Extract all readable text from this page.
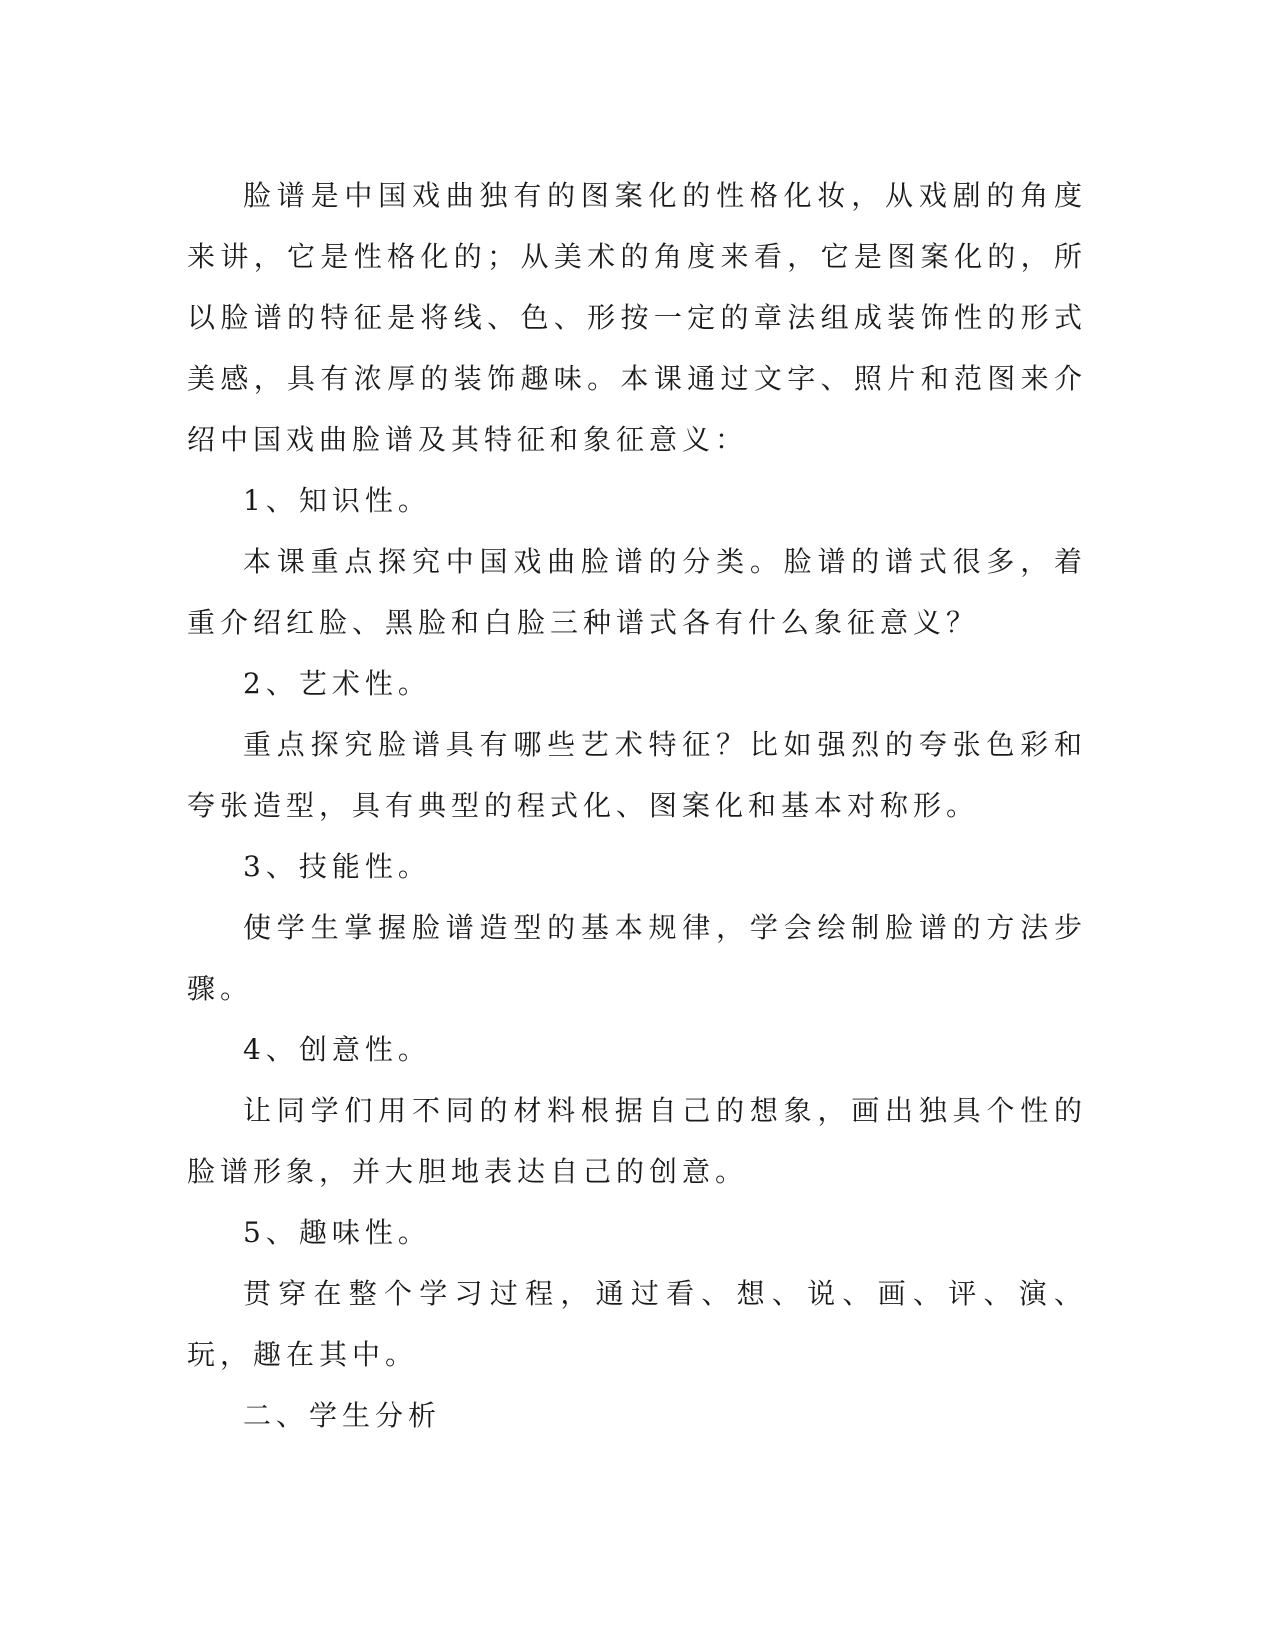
脸谱是中国戏曲独有的图案化的性格化妆，从戏剧的角度来讲，它是性格化的；从美术的角度来看，它是图案化的，所以脸谱的特征是将线、色、形按一定的章法组成装饰性的形式美感，具有浓厚的装饰趣味。本课通过文字、照片和范图来介绍中国戏曲脸谱及其特征和象征意义：

1、知识性。

本课重点探究中国戏曲脸谱的分类。脸谱的谱式很多，着重介绍红脸、黑脸和白脸三种谱式各有什么象征意义？

2、艺术性。

重点探究脸谱具有哪些艺术特征？比如强烈的夸张色彩和夸张造型，具有典型的程式化、图案化和基本对称形。

3、技能性。

使学生掌握脸谱造型的基本规律，学会绘制脸谱的方法步骤。

4、创意性。

让同学们用不同的材料根据自己的想象，画出独具个性的脸谱形象，并大胆地表达自己的创意。

5、趣味性。

贯穿在整个学习过程，通过看、想、说、画、评、演、玩，趣在其中。

二、学生分析
